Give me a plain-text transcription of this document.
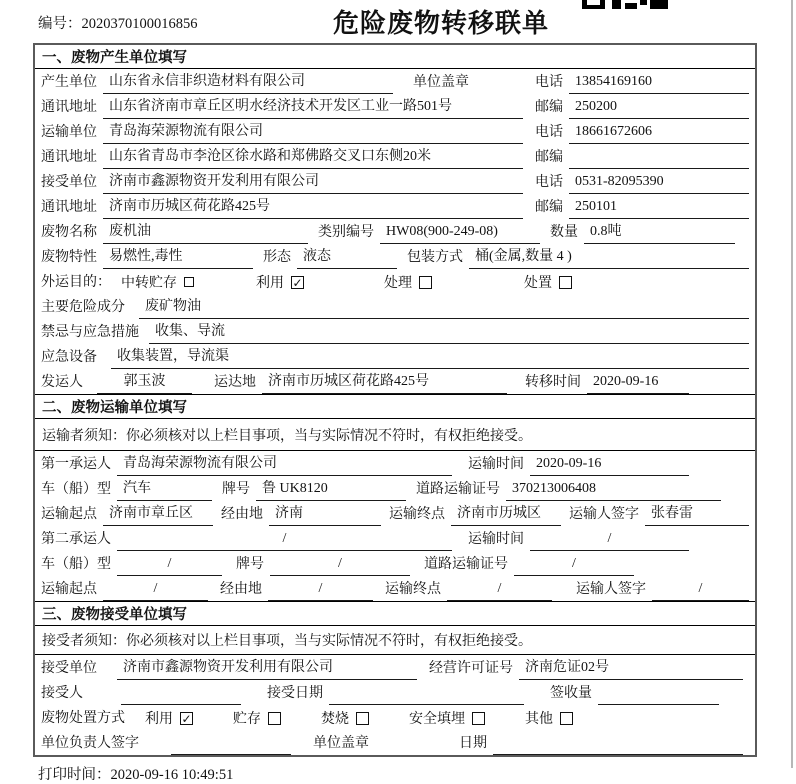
编号：2020370100016856	危险废物转移联单
一、废物产生单位填写
产生单位 山东省永信非织造材料有限公司	单位盖章	电话 13854169160
通讯地址 山东省济南市章丘区明水经济技术开发区工业一路501号	邮编 250200
运输单位 青岛海荣源物流有限公司	电话 18661672606
通讯地址 山东省青岛市李沧区徐水路和郑佛路交叉口东侧20米	邮编
接受单位 济南市鑫源物资开发利用有限公司	电话 0531-82095390
通讯地址 济南市历城区荷花路425号	邮编 250101
废物名称 废机油	类别编号 HW08(900-249-08)	数量 0.8吨
废物特性 易燃性,毒性	形态 液态	包装方式 桶(金属,数量 4 )
外运目的： 中转贮存	利用 ✓	处理	处置
主要危险成分	废矿物油
禁忌与应急措施	收集、导流
应急设备	收集装置，导流渠
发运人	郭玉波	运达地 济南市历城区荷花路425号	转移时间 2020-09-16
二、废物运输单位填写
运输者须知：你必须核对以上栏目事项，当与实际情况不符时，有权拒绝接受。
第一承运人 青岛海荣源物流有限公司	运输时间 2020-09-16
车（船）型 汽车	牌号 鲁 UK8120	道路运输证号 370213006408
运输起点 济南市章丘区	经由地 济南	运输终点 济南市历城区	运输人签字 张春雷
第二承运人	/	运输时间	/
车（船）型	/	牌号	/	道路运输证号	/
运输起点	/	经由地	/	运输终点	/	运输人签字	/
三、废物接受单位填写
接受者须知：你必须核对以上栏目事项，当与实际情况不符时，有权拒绝接受。
接受单位	济南市鑫源物资开发利用有限公司	经营许可证号 济南危证02号
接受人	接受日期	签收量
废物处置方式 利用 ✓	贮存	焚烧	安全填埋	其他
单位负责人签字	单位盖章	日期
打印时间：2020-09-16 10:49:51
